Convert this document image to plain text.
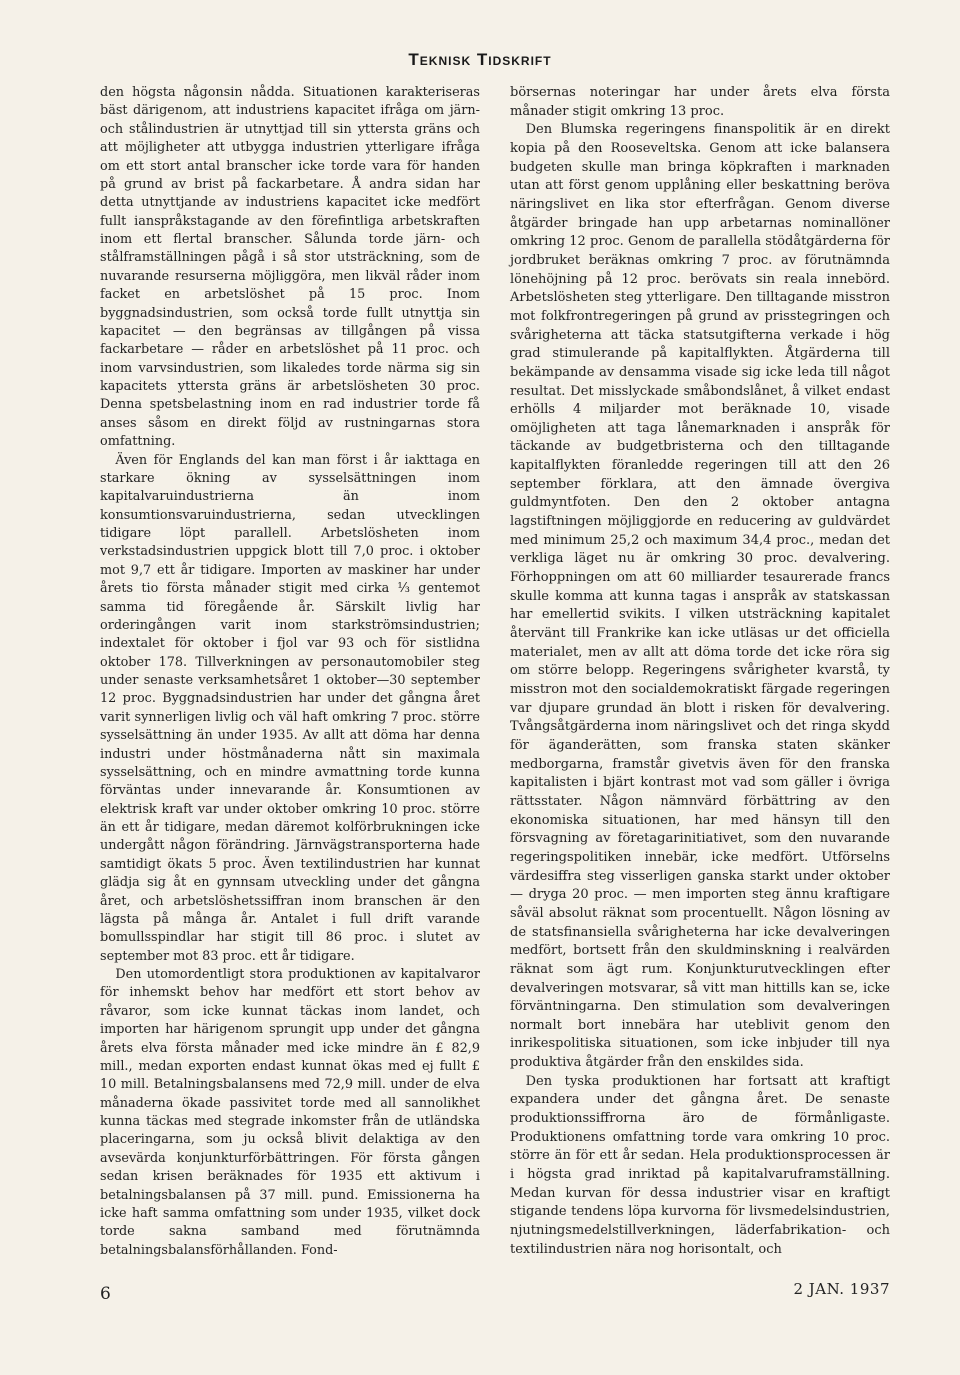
Teknisk Tidskrift

den högsta någonsin nådda. Situationen karakteriseras bäst därigenom, att industriens kapacitet ifråga om järn- och stålindustrien är utnyttjad till sin yttersta gräns och att möjligheter att utbygga industrien ytterligare ifråga om ett stort antal branscher icke torde vara för handen på grund av brist på fackarbetare. Å andra sidan har detta utnyttjande av industriens kapacitet icke medfört fullt ianspråkstagande av den förefintliga arbetskraften inom ett flertal branscher. Sålunda torde järn- och stålframställningen pågå i så stor utsträckning, som de nuvarande resurserna möjliggöra, men likväl råder inom facket en arbetslöshet på 15 proc. Inom byggnadsindustrien, som också torde fullt utnyttja sin kapacitet — den begränsas av tillgången på vissa fackarbetare — råder en arbetslöshet på 11 proc. och inom varvsindustrien, som likaledes torde närma sig sin kapacitets yttersta gräns är arbetslösheten 30 proc. Denna spetsbelastning inom en rad industrier torde få anses såsom en direkt följd av rustningarnas stora omfattning.

Även för Englands del kan man först i år iakttaga en starkare ökning av sysselsättningen inom kapitalvaruindustrierna än inom konsumtionsvaruindustrierna, sedan utvecklingen tidigare löpt parallell. Arbetslösheten inom verkstadsindustrien uppgick blott till 7,0 proc. i oktober mot 9,7 ett år tidigare. Importen av maskiner har under årets tio första månader stigit med cirka ⅓ gentemot samma tid föregående år. Särskilt livlig har orderingången varit inom starkströmsindustrien; indextalet för oktober i fjol var 93 och för sistlidna oktober 178. Tillverkningen av personautomobiler steg under senaste verksamhetsåret 1 oktober—30 september 12 proc. Byggnadsindustrien har under det gångna året varit synnerligen livlig och väl haft omkring 7 proc. större sysselsättning än under 1935. Av allt att döma har denna industri under höstmånaderna nått sin maximala sysselsättning, och en mindre avmattning torde kunna förväntas under innevarande år. Konsumtionen av elektrisk kraft var under oktober omkring 10 proc. större än ett år tidigare, medan däremot kolförbrukningen icke undergått någon förändring. Järnvägstransporterna hade samtidigt ökats 5 proc. Även textilindustrien har kunnat glädja sig åt en gynnsam utveckling under det gångna året, och arbetslöshetssiffran inom branschen är den lägsta på många år. Antalet i full drift varande bomullsspindlar har stigit till 86 proc. i slutet av september mot 83 proc. ett år tidigare.

Den utomordentligt stora produktionen av kapitalvaror för inhemskt behov har medfört ett stort behov av råvaror, som icke kunnat täckas inom landet, och importen har härigenom sprungit upp under det gångna årets elva första månader med icke mindre än £ 82,9 mill., medan exporten endast kunnat ökas med ej fullt £ 10 mill. Betalningsbalansens med 72,9 mill. under de elva månaderna ökade passivitet torde med all sannolikhet kunna täckas med stegrade inkomster från de utländska placeringarna, som ju också blivit delaktiga av den avsevärda konjunkturförbättringen. För första gången sedan krisen beräknades för 1935 ett aktivum i betalningsbalansen på 37 mill. pund. Emissionerna ha icke haft samma omfattning som under 1935, vilket dock torde sakna samband med förutnämnda betalningsbalansförhållanden. Fond-

börsernas noteringar har under årets elva första månader stigit omkring 13 proc.

Den Blumska regeringens finanspolitik är en direkt kopia på den Rooseveltska. Genom att icke balansera budgeten skulle man bringa köpkraften i marknaden utan att först genom upplåning eller beskattning beröva näringslivet en lika stor efterfrågan. Genom diverse åtgärder bringade han upp arbetarnas nominallöner omkring 12 proc. Genom de parallella stödåtgärderna för jordbruket beräknas omkring 7 proc. av förutnämnda lönehöjning på 12 proc. berövats sin reala innebörd. Arbetslösheten steg ytterligare. Den tilltagande misstron mot folkfrontregeringen på grund av prisstegringen och svårigheterna att täcka statsutgifterna verkade i hög grad stimulerande på kapitalflykten. Åtgärderna till bekämpande av densamma visade sig icke leda till något resultat. Det misslyckade småbondslånet, å vilket endast erhölls 4 miljarder mot beräknade 10, visade omöjligheten att taga lånemarknaden i anspråk för täckande av budgetbristerna och den tilltagande kapitalflykten föranledde regeringen till att den 26 september förklara, att den ämnade övergiva guldmyntfoten. Den den 2 oktober antagna lagstiftningen möjliggjorde en reducering av guldvärdet med minimum 25,2 och maximum 34,4 proc., medan det verkliga läget nu är omkring 30 proc. devalvering. Förhoppningen om att 60 milliarder tesaurerade francs skulle komma att kunna tagas i anspråk av statskassan har emellertid svikits. I vilken utsträckning kapitalet återvänt till Frankrike kan icke utläsas ur det officiella materialet, men av allt att döma torde det icke röra sig om större belopp. Regeringens svårigheter kvarstå, ty misstron mot den socialdemokratiskt färgade regeringen var djupare grundad än blott i risken för devalvering. Tvångsåtgärderna inom näringslivet och det ringa skydd för äganderätten, som franska staten skänker medborgarna, framstår givetvis även för den franska kapitalisten i bjärt kontrast mot vad som gäller i övriga rättsstater. Någon nämnvärd förbättring av den ekonomiska situationen, har med hänsyn till den försvagning av företagarinitiativet, som den nuvarande regeringspolitiken innebär, icke medfört. Utförselns värdesiffra steg visserligen ganska starkt under oktober — dryga 20 proc. — men importen steg ännu kraftigare såväl absolut räknat som procentuellt. Någon lösning av de statsfinansiella svårigheterna har icke devalveringen medfört, bortsett från den skuldminskning i realvärden räknat som ägt rum. Konjunkturutvecklingen efter devalveringen motsvarar, så vitt man hittills kan se, icke förväntningarna. Den stimulation som devalveringen normalt bort innebära har uteblivit genom den inrikespolitiska situationen, som icke inbjuder till nya produktiva åtgärder från den enskildes sida.

Den tyska produktionen har fortsatt att kraftigt expandera under det gångna året. De senaste produktionssiffrorna äro de förmånligaste. Produktionens omfattning torde vara omkring 10 proc. större än för ett år sedan. Hela produktionsprocessen är i högsta grad inriktad på kapitalvaruframställning. Medan kurvan för dessa industrier visar en kraftigt stigande tendens löpa kurvorna för livsmedelsindustrien, njutningsmedelstillverkningen, läderfabrikation- och textilindustrien nära nog horisontalt, och

6	2 JAN. 1937
